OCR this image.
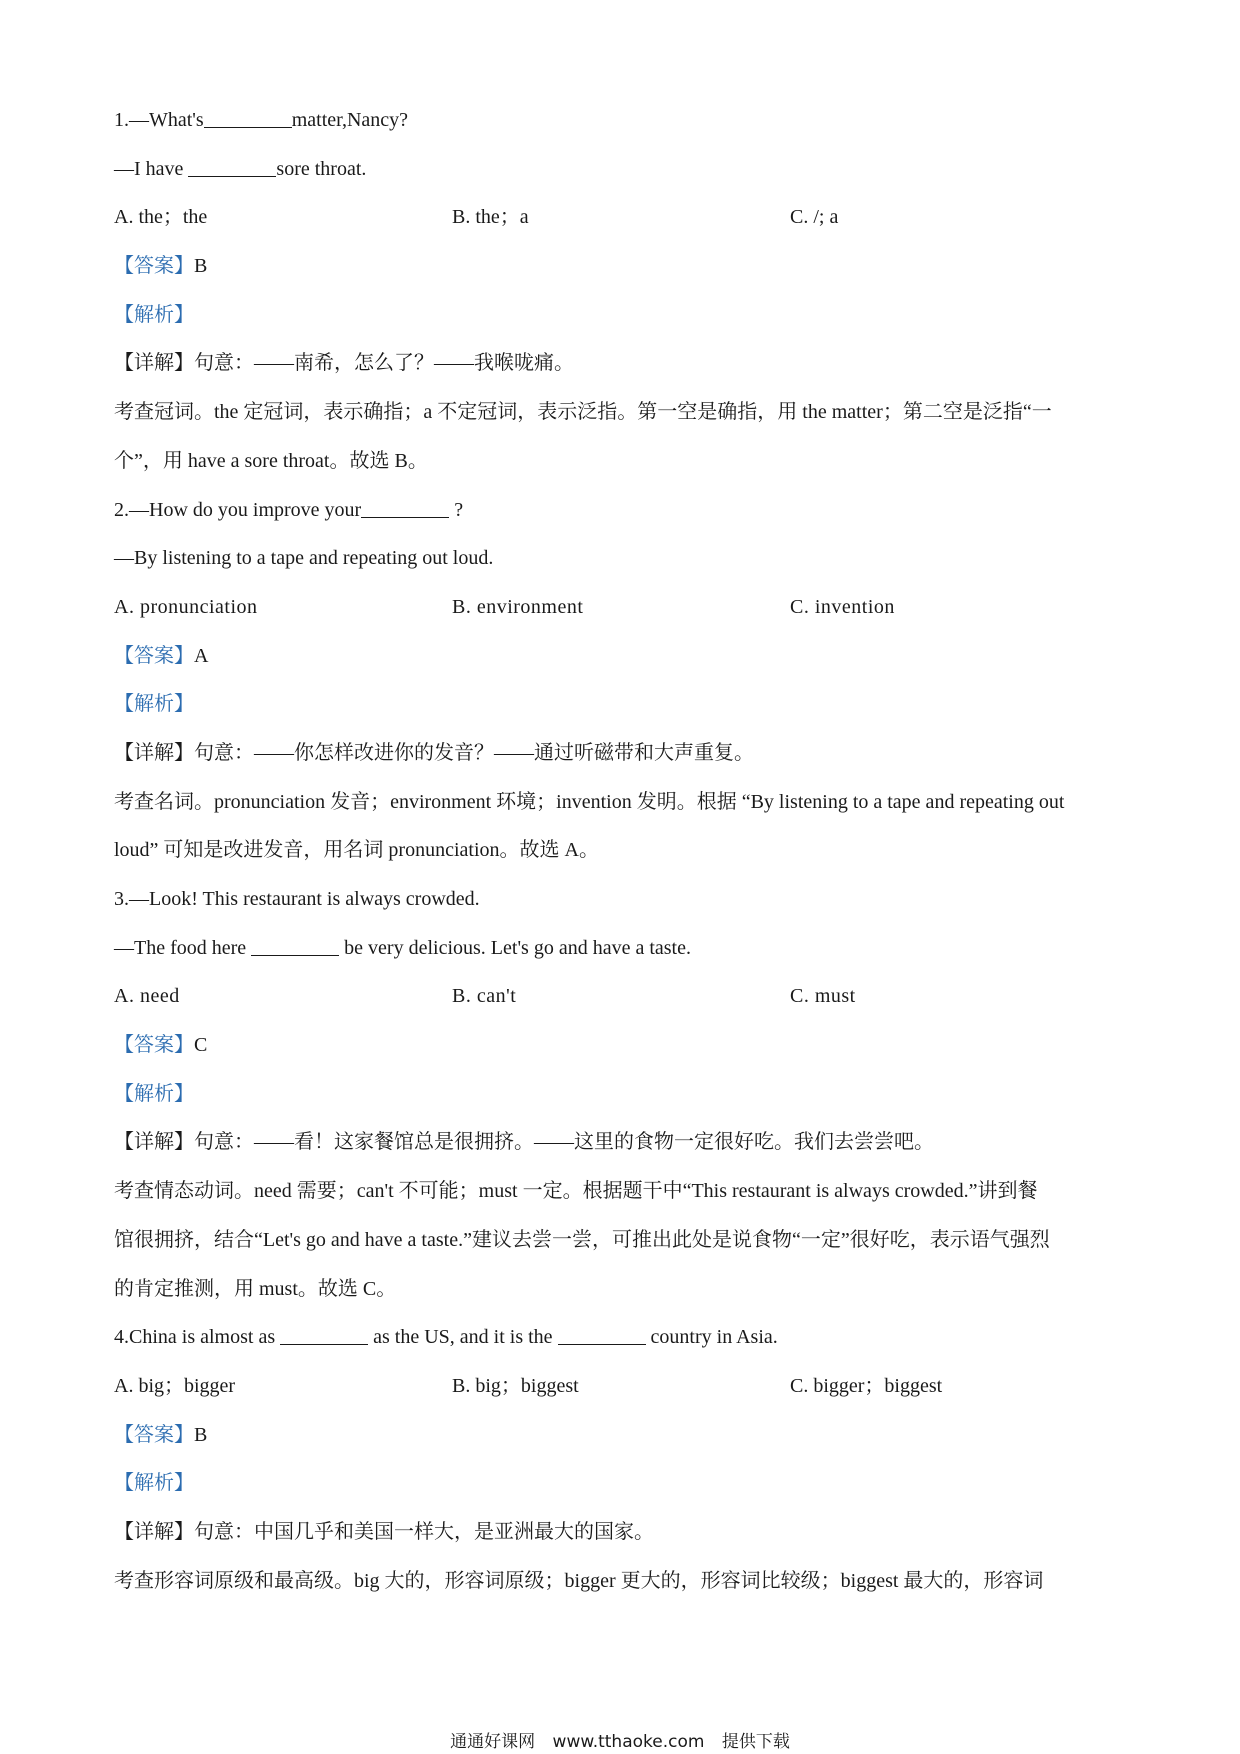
1.—What's	matter,Nancy?
—I have	sore throat.
A. the；the	B. the；a	C. /; a
【答案】B
【解析】
【详解】句意：——南希，怎么了？——我喉咙痛。
考查冠词。the 定冠词，表示确指；a 不定冠词，表示泛指。第一空是确指，用 the matter；第二空是泛指“一
个”，用 have a sore throat。故选 B。
2.—How do you improve your	?
—By listening to a tape and repeating out loud.
A. pronunciation	B. environment	C. invention
【答案】A
【解析】
【详解】句意：——你怎样改进你的发音？——通过听磁带和大声重复。
考查名词。pronunciation 发音；environment 环境；invention 发明。根据 “By listening to a tape and repeating out
loud” 可知是改进发音，用名词 pronunciation。故选 A。
3.—Look! This restaurant is always crowded.
—The food here	be very delicious. Let's go and have a taste.
A. need	B. can't	C. must
【答案】C
【解析】
【详解】句意：——看！这家餐馆总是很拥挤。——这里的食物一定很好吃。我们去尝尝吧。
考查情态动词。need 需要；can't 不可能；must 一定。根据题干中“This restaurant is always crowded.”讲到餐
馆很拥挤，结合“Let's go and have a taste.”建议去尝一尝，可推出此处是说食物“一定”很好吃，表示语气强烈
的肯定推测，用 must。故选 C。
4.China is almost as	as the US, and it is the	country in Asia.
A. big；bigger	B. big；biggest	C. bigger；biggest
【答案】B
【解析】
【详解】句意：中国几乎和美国一样大，是亚洲最大的国家。
考查形容词原级和最高级。big 大的，形容词原级；bigger 更大的，形容词比较级；biggest 最大的，形容词
通通好课网 www.tthaoke.com 提供下载
